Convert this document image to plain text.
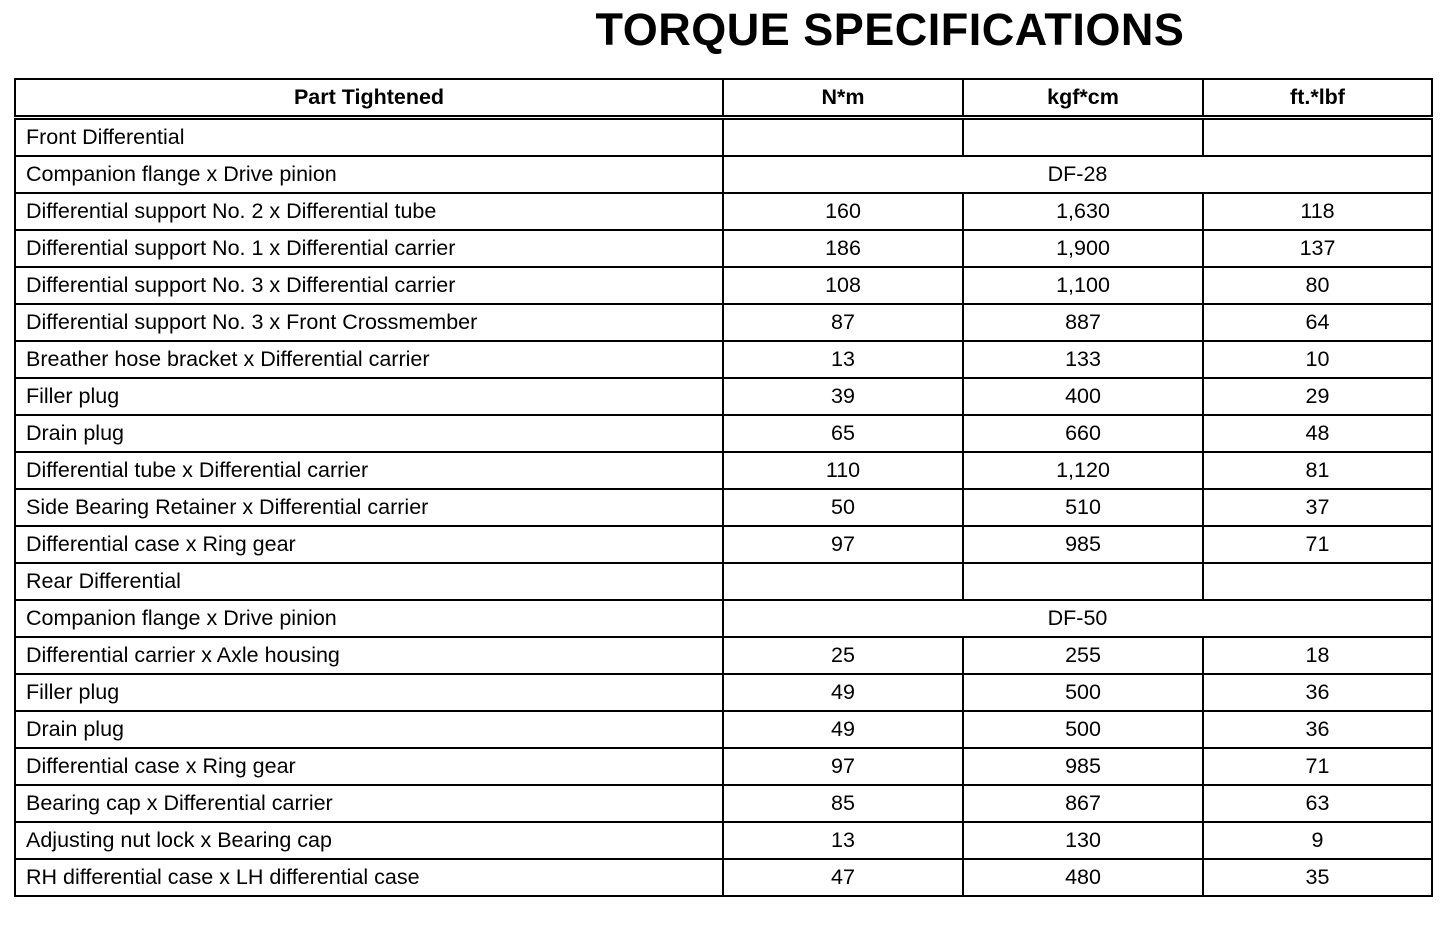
TORQUE SPECIFICATIONS
Part Tightened	N*m	kgf*cm	ft.*lbf
Front Differential			
Companion flange x Drive pinion	DF-28		
Differential support No. 2 x Differential tube	160	1,630	118
Differential support No. 1 x Differential carrier	186	1,900	137
Differential support No. 3 x Differential carrier	108	1,100	80
Differential support No. 3 x Front Crossmember	87	887	64
Breather hose bracket x Differential carrier	13	133	10
Filler plug	39	400	29
Drain plug	65	660	48
Differential tube x Differential carrier	110	1,120	81
Side Bearing Retainer x Differential carrier	50	510	37
Differential case x Ring gear	97	985	71
Rear Differential			
Companion flange x Drive pinion	DF-50		
Differential carrier x Axle housing	25	255	18
Filler plug	49	500	36
Drain plug	49	500	36
Differential case x Ring gear	97	985	71
Bearing cap x Differential carrier	85	867	63
Adjusting nut lock x Bearing cap	13	130	9
RH differential case x LH differential case	47	480	35
